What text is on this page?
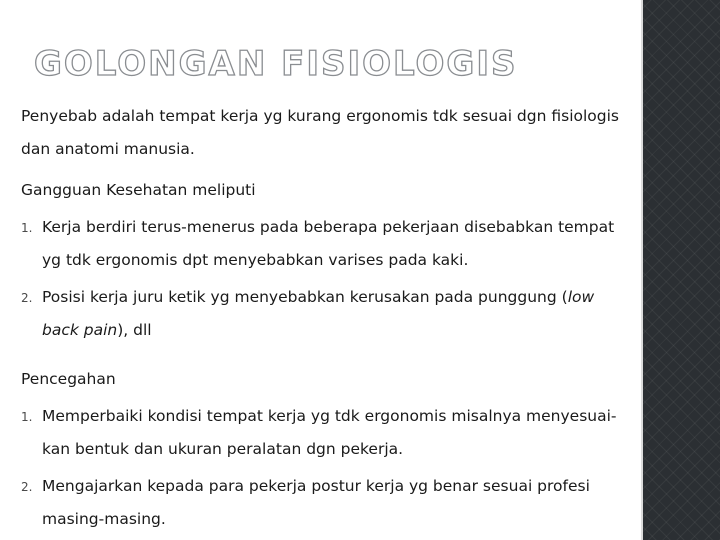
GOLONGAN FISIOLOGIS

Penyebab adalah tempat kerja yg kurang ergonomis tdk sesuai dgn fisiologis dan anatomi manusia.

Gangguan Kesehatan meliputi

1. Kerja berdiri terus-menerus pada beberapa pekerjaan disebabkan tempat yg tdk ergonomis dpt menyebabkan varises pada kaki.
2. Posisi kerja juru ketik yg menyebabkan kerusakan pada punggung (low back pain), dll

Pencegahan

1. Memperbaiki kondisi tempat kerja yg tdk ergonomis misalnya menyesuai-kan bentuk dan ukuran peralatan dgn pekerja.
2. Mengajarkan kepada para pekerja postur kerja yg benar sesuai profesi masing-masing.
